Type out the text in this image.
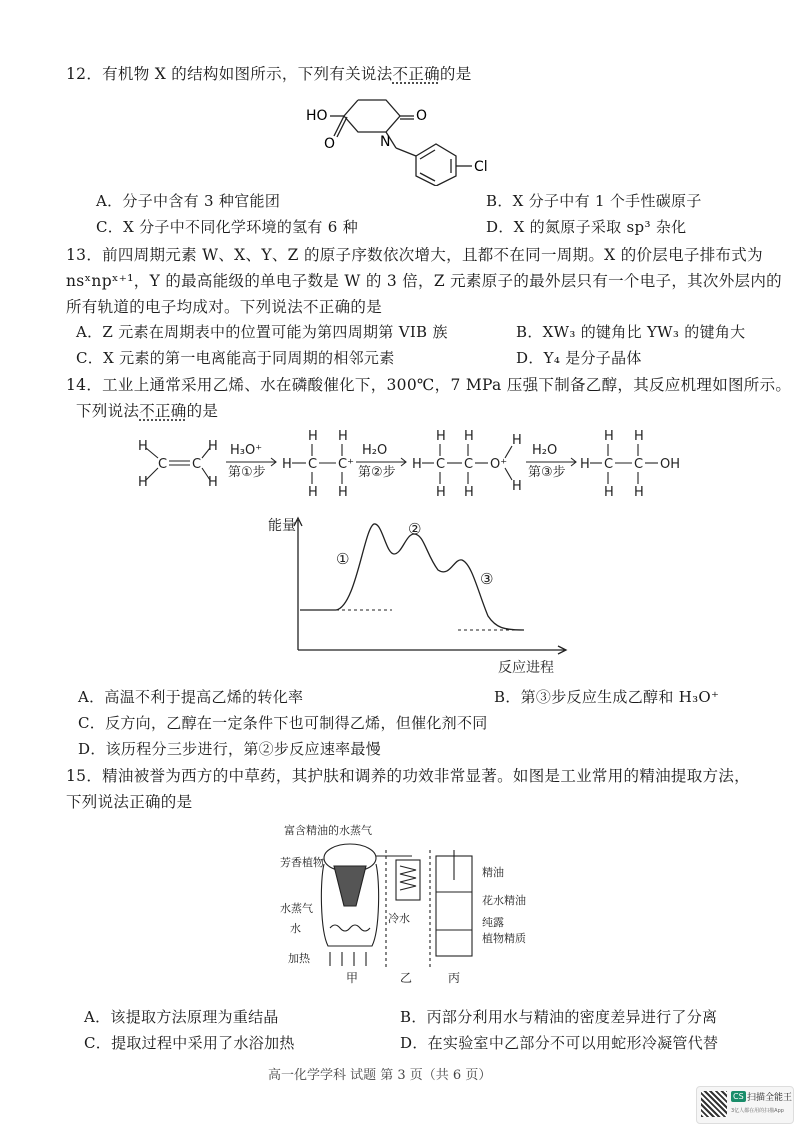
12．有机物 X 的结构如图所示，下列有关说法不正确的是
HO	O
O	N
Cl
A．分子中含有 3 种官能团	B．X 分子中有 1 个手性碳原子
C．X 分子中不同化学环境的氢有 6 种	D．X 的氮原子采取 sp³ 杂化
13．前四周期元素 W、X、Y、Z 的原子序数依次增大，且都不在同一周期。X 的价层电子排布式为
nsˣnpˣ⁺¹，Y 的最高能级的单电子数是 W 的 3 倍，Z 元素原子的最外层只有一个电子，其次外层内的
所有轨道的电子均成对。下列说法不正确的是
A．Z 元素在周期表中的位置可能为第四周期第 VIB 族	B．XW₃ 的键角比 YW₃ 的键角大
C．X 元素的第一电离能高于同周期的相邻元素	D．Y₄ 是分子晶体
14．工业上通常采用乙烯、水在磷酸催化下，300℃，7 MPa 压强下制备乙醇，其反应机理如图所示。
下列说法不正确的是
H
H
C C
H
H
H₃O⁺
第①步
H C
H
H
C⁺
H
H
H₂O
第②步
H C
H
H
C
H
H
O⁺
H
H
H₂O
第③步
H C
H
H
C
H
H
OH
能量
反应进程
①
②
③
A．高温不利于提高乙烯的转化率	B．第③步反应生成乙醇和 H₃O⁺
C．反方向，乙醇在一定条件下也可制得乙烯，但催化剂不同
D．该历程分三步进行，第②步反应速率最慢
15．精油被誉为西方的中草药，其护肤和调养的功效非常显著。如图是工业常用的精油提取方法，
下列说法正确的是
富含精油的水蒸气
芳香植物
水蒸气
水
加热
冷水
精油
花水精油
纯露
植物精质
甲	乙	丙
A．该提取方法原理为重结晶	B．丙部分利用水与精油的密度差异进行了分离
C．提取过程中采用了水浴加热	D．在实验室中乙部分不可以用蛇形冷凝管代替
高一化学学科 试题 第 3 页（共 6 页）
CS 扫描全能王
3亿人都在用的扫描App
